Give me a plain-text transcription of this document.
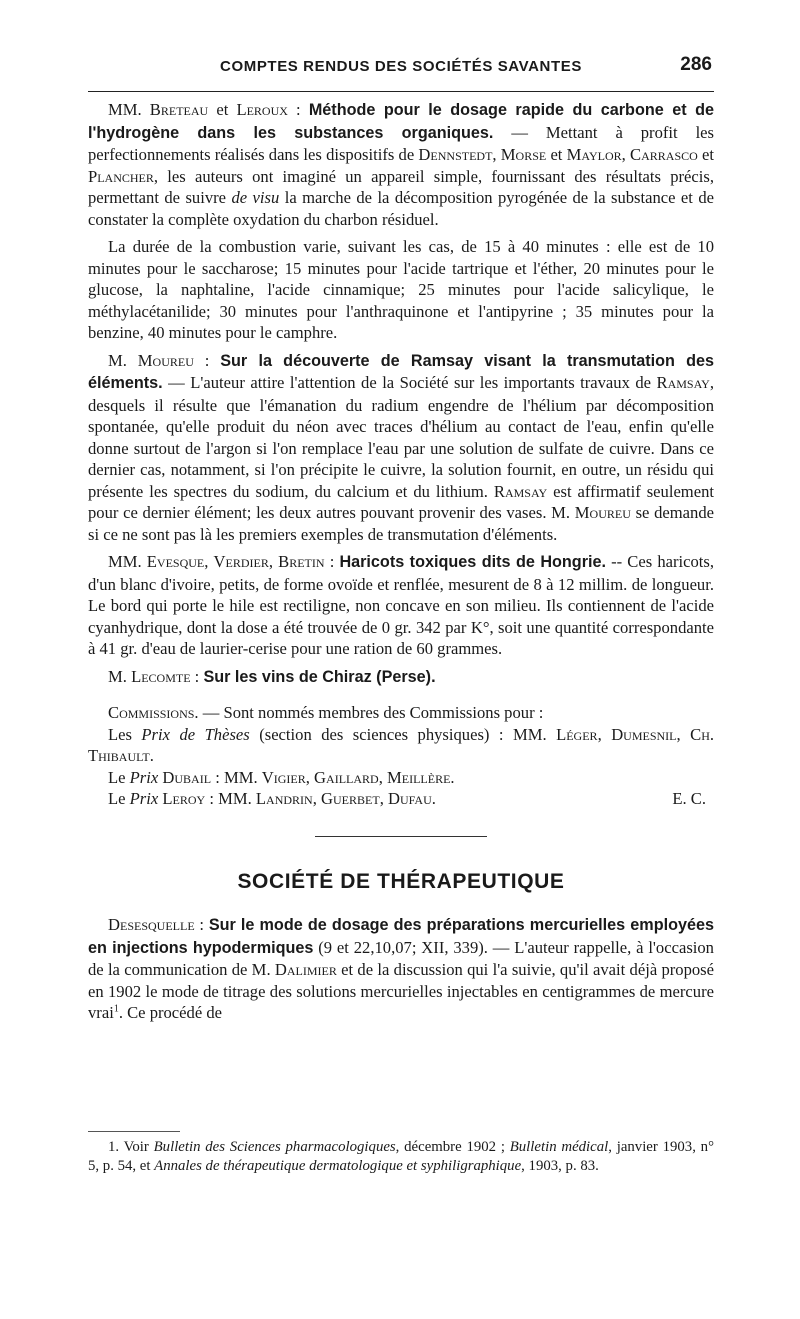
COMPTES RENDUS DES SOCIÉTÉS SAVANTES	286

MM. Breteau et Leroux : Méthode pour le dosage rapide du carbone et de l'hydrogène dans les substances organiques. — Mettant à profit les perfectionnements réalisés dans les dispositifs de Dennstedt, Morse et Maylor, Carrasco et Plancher, les auteurs ont imaginé un appareil simple, fournissant des résultats précis, permettant de suivre de visu la marche de la décomposition pyrogénée de la substance et de constater la complète oxydation du charbon résiduel.

La durée de la combustion varie, suivant les cas, de 15 à 40 minutes : elle est de 10 minutes pour le saccharose; 15 minutes pour l'acide tartrique et l'éther, 20 minutes pour le glucose, la naphtaline, l'acide cinnamique; 25 minutes pour l'acide salicylique, le méthylacétanilide; 30 minutes pour l'anthraquinone et l'antipyrine ; 35 minutes pour la benzine, 40 minutes pour le camphre.

M. Moureu : Sur la découverte de Ramsay visant la transmutation des éléments. — L'auteur attire l'attention de la Société sur les importants travaux de Ramsay, desquels il résulte que l'émanation du radium engendre de l'hélium par décomposition spontanée, qu'elle produit du néon avec traces d'hélium au contact de l'eau, enfin qu'elle donne surtout de l'argon si l'on remplace l'eau par une solution de sulfate de cuivre. Dans ce dernier cas, notamment, si l'on précipite le cuivre, la solution fournit, en outre, un résidu qui présente les spectres du sodium, du calcium et du lithium. Ramsay est affirmatif seulement pour ce dernier élément; les deux autres pouvant provenir des vases. M. Moureu se demande si ce ne sont pas là les premiers exemples de transmutation d'éléments.

MM. Evesque, Verdier, Bretin : Haricots toxiques dits de Hongrie. -- Ces haricots, d'un blanc d'ivoire, petits, de forme ovoïde et renflée, mesurent de 8 à 12 millim. de longueur. Le bord qui porte le hile est rectiligne, non concave en son milieu. Ils contiennent de l'acide cyanhydrique, dont la dose a été trouvée de 0 gr. 342 par K°, soit une quantité correspondante à 41 gr. d'eau de laurier-cerise pour une ration de 60 grammes.

M. Lecomte : Sur les vins de Chiraz (Perse).

Commissions. — Sont nommés membres des Commissions pour :

Les Prix de Thèses (section des sciences physiques) : MM. Léger, Dumesnil, Ch. Thibault.

Le Prix Dubail : MM. Vigier, Gaillard, Meillère.

Le Prix Leroy : MM. Landrin, Guerbet, Dufau.	E. C.

SOCIÉTÉ DE THÉRAPEUTIQUE

Desesquelle : Sur le mode de dosage des préparations mercurielles employées en injections hypodermiques (9 et 22,10,07; XII, 339). — L'auteur rappelle, à l'occasion de la communication de M. Dalimier et de la discussion qui l'a suivie, qu'il avait déjà proposé en 1902 le mode de titrage des solutions mercurielles injectables en centigrammes de mercure vrai$^1$. Ce procédé de

1. Voir Bulletin des Sciences pharmacologiques, décembre 1902 ; Bulletin médical, janvier 1903, n° 5, p. 54, et Annales de thérapeutique dermatologique et syphiligraphique, 1903, p. 83.
